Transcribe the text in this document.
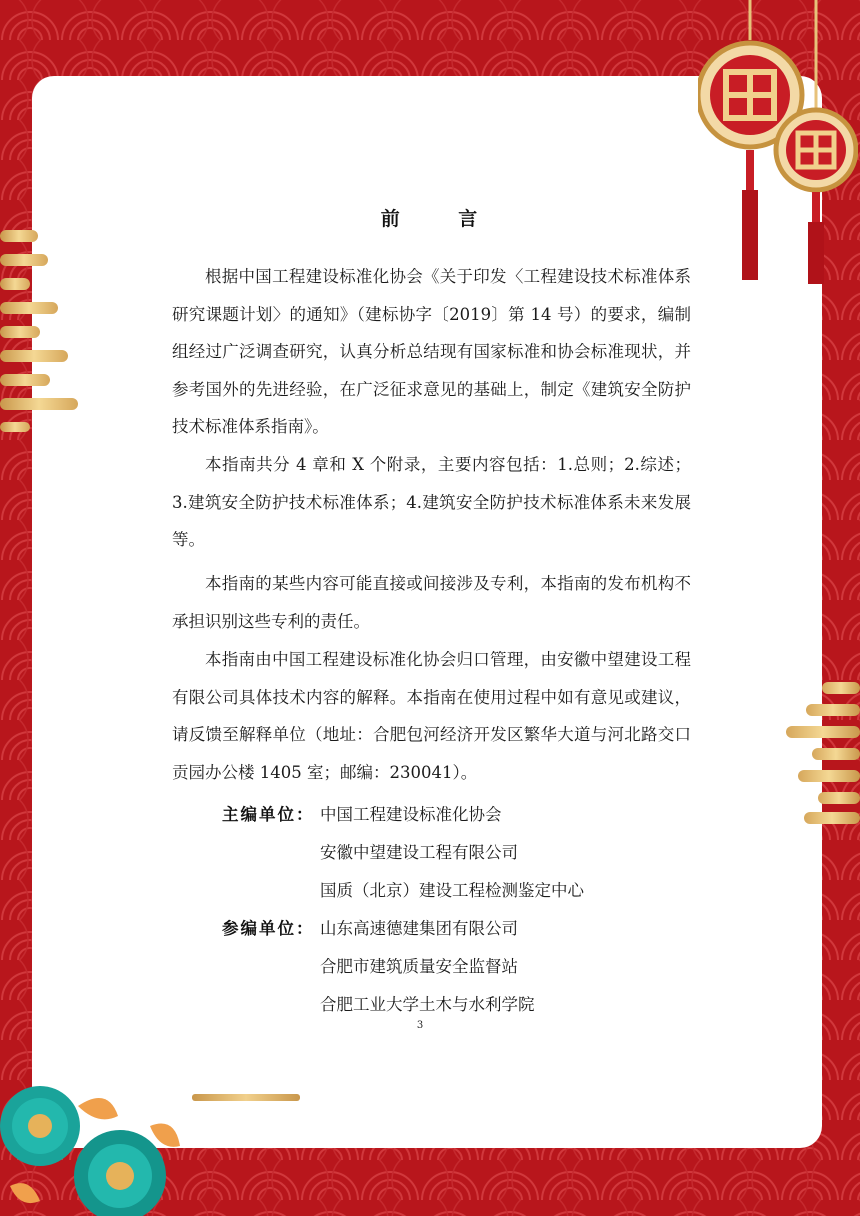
前 言

根据中国工程建设标准化协会《关于印发〈工程建设技术标准体系研究课题计划〉的通知》（建标协字〔2019〕第 14 号）的要求，编制组经过广泛调查研究，认真分析总结现有国家标准和协会标准现状，并参考国外的先进经验，在广泛征求意见的基础上，制定《建筑安全防护技术标准体系指南》。

本指南共分 4 章和 X 个附录，主要内容包括：1.总则；2.综述；3.建筑安全防护技术标准体系；4.建筑安全防护技术标准体系未来发展等。

本指南的某些内容可能直接或间接涉及专利，本指南的发布机构不承担识别这些专利的责任。

本指南由中国工程建设标准化协会归口管理，由安徽中望建设工程有限公司具体技术内容的解释。本指南在使用过程中如有意见或建议，请反馈至解释单位（地址：合肥包河经济开发区繁华大道与河北路交口贡园办公楼 1405 室；邮编：230041）。

主编单位： 中国工程建设标准化协会
安徽中望建设工程有限公司
国质（北京）建设工程检测鉴定中心
参编单位： 山东高速德建集团有限公司
合肥市建筑质量安全监督站
合肥工业大学土木与水利学院
3
